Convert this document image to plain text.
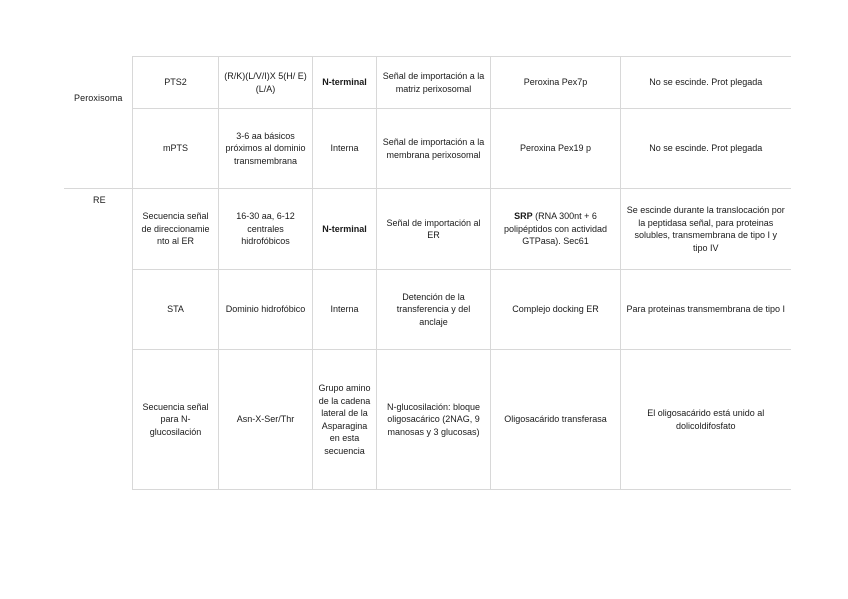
Peroxisoma
RE
PTS2	(R/K)(L/V/I)X 5(H/ E)(L/A)	N-terminal	Señal de importación a la matriz perixosomal	Peroxina Pex7p	No se escinde. Prot plegada
mPTS	3-6 aa básicos próximos al dominio transmembrana	Interna	Señal de importación a la membrana perixosomal	Peroxina Pex19 p	No se escinde. Prot plegada
Secuencia señal de direccionamie nto al ER	16-30 aa, 6-12 centrales hidrofóbicos	N-terminal	Señal de importación al ER	SRP (RNA 300nt + 6 polipéptidos con actividad GTPasa). Sec61	Se escinde durante la translocación por la peptidasa señal, para proteinas solubles, transmembrana de tipo I y tipo IV
STA	Dominio hidrofóbico	Interna	Detención de la transferencia y del anclaje	Complejo docking ER	Para proteinas transmembrana de tipo I
Secuencia señal para N-glucosilación	Asn-X-Ser/Thr	Grupo amino de la cadena lateral de la Asparagina en esta secuencia	N-glucosilación: bloque oligosacárico (2NAG, 9 manosas y 3 glucosas)	Oligosacárido transferasa	El oligosacárido está unido al dolicoldifosfato
